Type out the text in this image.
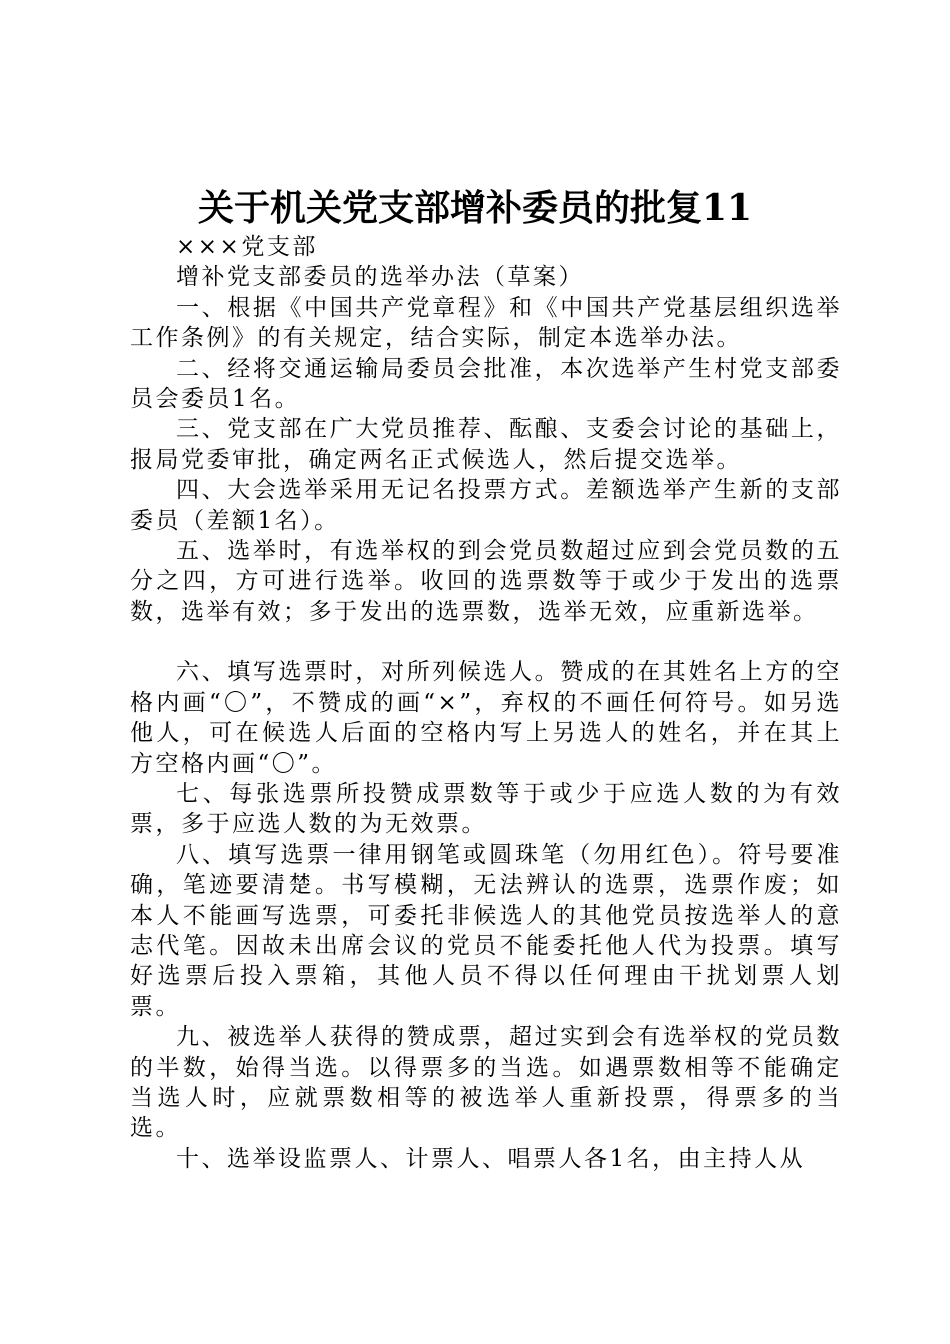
关于机关党支部增补委员的批复11

×××党支部

增补党支部委员的选举办法（草案）

一、根据《中国共产党章程》和《中国共产党基层组织选举工作条例》的有关规定，结合实际，制定本选举办法。

二、经将交通运输局委员会批准，本次选举产生村党支部委员会委员1名。

三、党支部在广大党员推荐、酝酿、支委会讨论的基础上，报局党委审批，确定两名正式候选人，然后提交选举。

四、大会选举采用无记名投票方式。差额选举产生新的支部委员（差额1名）。

五、选举时，有选举权的到会党员数超过应到会党员数的五分之四，方可进行选举。收回的选票数等于或少于发出的选票数，选举有效；多于发出的选票数，选举无效，应重新选举。

六、填写选票时，对所列候选人。赞成的在其姓名上方的空格内画“〇”，不赞成的画“×”，弃权的不画任何符号。如另选他人，可在候选人后面的空格内写上另选人的姓名，并在其上方空格内画“〇”。

七、每张选票所投赞成票数等于或少于应选人数的为有效票，多于应选人数的为无效票。

八、填写选票一律用钢笔或圆珠笔（勿用红色）。符号要准确，笔迹要清楚。书写模糊，无法辨认的选票，选票作废；如本人不能画写选票，可委托非候选人的其他党员按选举人的意志代笔。因故未出席会议的党员不能委托他人代为投票。填写好选票后投入票箱，其他人员不得以任何理由干扰划票人划票。

九、被选举人获得的赞成票，超过实到会有选举权的党员数的半数，始得当选。以得票多的当选。如遇票数相等不能确定当选人时，应就票数相等的被选举人重新投票，得票多的当选。

十、选举设监票人、计票人、唱票人各1名，由主持人从
